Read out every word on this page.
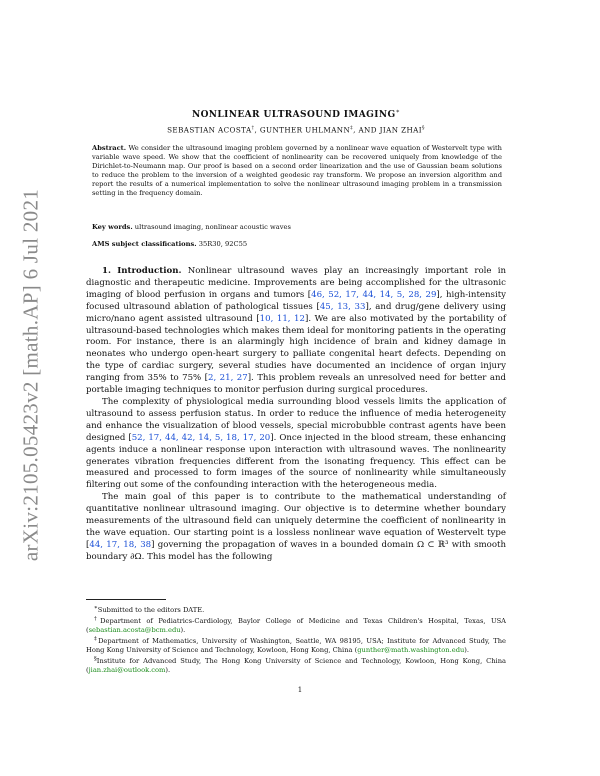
arXiv:2105.05423v2 [math.AP] 6 Jul 2021
NONLINEAR ULTRASOUND IMAGING∗
SEBASTIAN ACOSTA†, GUNTHER UHLMANN‡, AND JIAN ZHAI§
Abstract. We consider the ultrasound imaging problem governed by a nonlinear wave equation of Westervelt type with variable wave speed. We show that the coefficient of nonlinearity can be recovered uniquely from knowledge of the Dirichlet-to-Neumann map. Our proof is based on a second order linearization and the use of Gaussian beam solutions to reduce the problem to the inversion of a weighted geodesic ray transform. We propose an inversion algorithm and report the results of a numerical implementation to solve the nonlinear ultrasound imaging problem in a transmission setting in the frequency domain.
Key words. ultrasound imaging, nonlinear acoustic waves
AMS subject classifications. 35R30, 92C55

1. Introduction. Nonlinear ultrasound waves play an increasingly important role in diagnostic and therapeutic medicine. Improvements are being accomplished for the ultrasonic imaging of blood perfusion in organs and tumors [46, 52, 17, 44, 14, 5, 28, 29], high-intensity focused ultrasound ablation of pathological tissues [45, 13, 33], and drug/gene delivery using micro/nano agent assisted ultrasound [10, 11, 12]. We are also motivated by the portability of ultrasound-based technologies which makes them ideal for monitoring patients in the operating room. For instance, there is an alarmingly high incidence of brain and kidney damage in neonates who undergo open-heart surgery to palliate congenital heart defects. Depending on the type of cardiac surgery, several studies have documented an incidence of organ injury ranging from 35% to 75% [2, 21, 27]. This problem reveals an unresolved need for better and portable imaging techniques to monitor perfusion during surgical procedures.

The complexity of physiological media surrounding blood vessels limits the application of ultrasound to assess perfusion status. In order to reduce the influence of media heterogeneity and enhance the visualization of blood vessels, special microbubble contrast agents have been designed [52, 17, 44, 42, 14, 5, 18, 17, 20]. Once injected in the blood stream, these enhancing agents induce a nonlinear response upon interaction with ultrasound waves. The nonlinearity generates vibration frequencies different from the isonating frequency. This effect can be measured and processed to form images of the source of nonlinearity while simultaneously filtering out some of the confounding interaction with the heterogeneous media.

The main goal of this paper is to contribute to the mathematical understanding of quantitative nonlinear ultrasound imaging. Our objective is to determine whether boundary measurements of the ultrasound field can uniquely determine the coefficient of nonlinearity in the wave equation. Our starting point is a lossless nonlinear wave equation of Westervelt type [44, 17, 18, 38] governing the propagation of waves in a bounded domain Ω ⊂ ℝ³ with smooth boundary ∂Ω. This model has the following

∗Submitted to the editors DATE.

†Department of Pediatrics-Cardiology, Baylor College of Medicine and Texas Children's Hospital, Texas, USA (sebastian.acosta@bcm.edu).

‡Department of Mathematics, University of Washington, Seattle, WA 98195, USA; Institute for Advanced Study, The Hong Kong University of Science and Technology, Kowloon, Hong Kong, China (gunther@math.washington.edu).

§Institute for Advanced Study, The Hong Kong University of Science and Technology, Kowloon, Hong Kong, China (jian.zhai@outlook.com).

1
